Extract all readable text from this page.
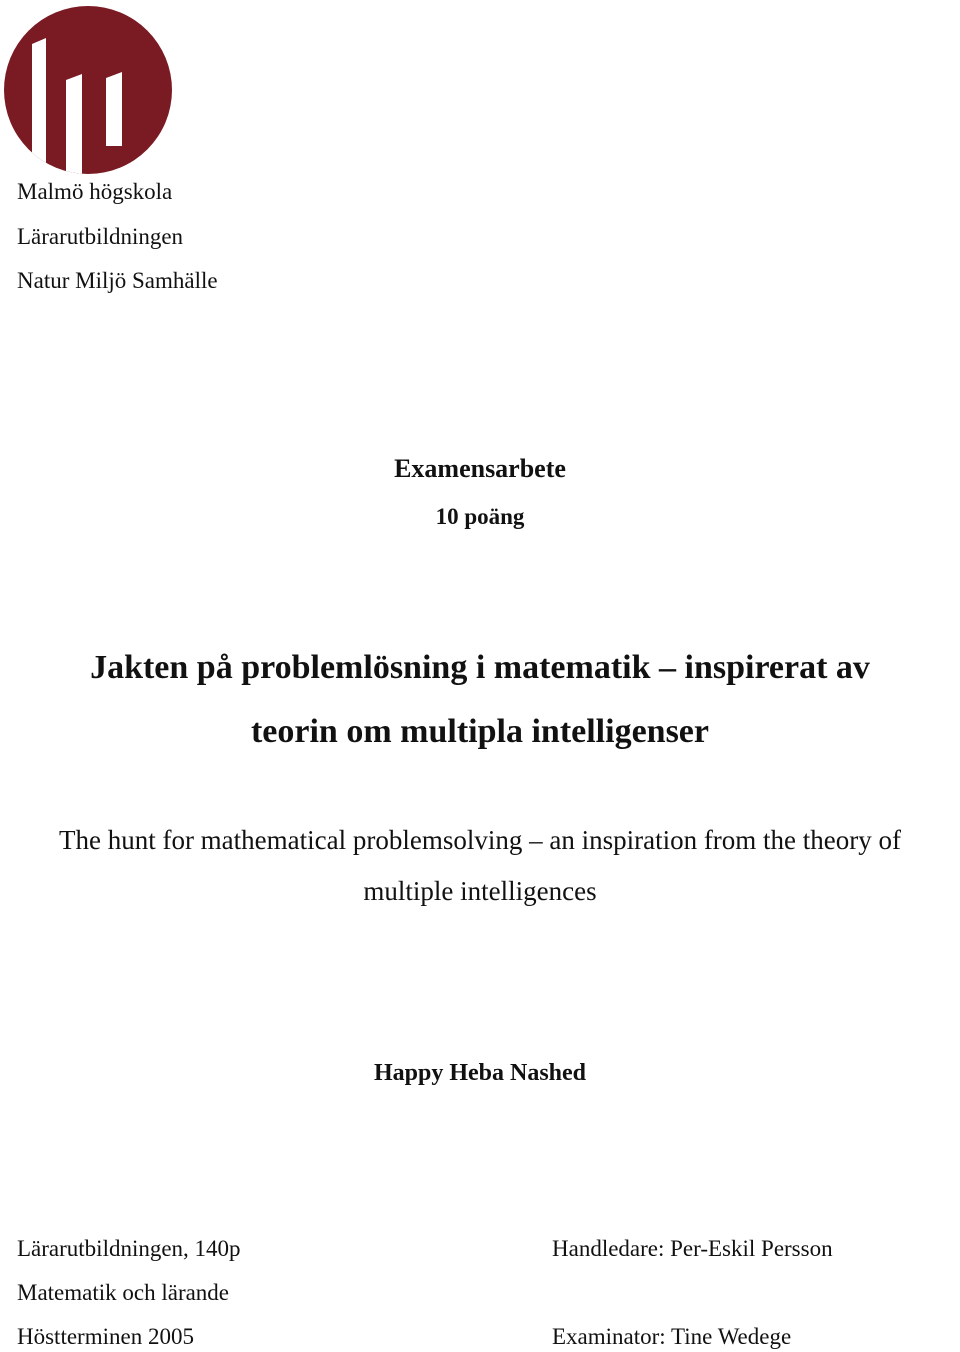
Malmö högskola
Lärarutbildningen
Natur Miljö Samhälle
Examensarbete
10 poäng
Jakten på problemlösning i matematik – inspirerat av
teorin om multipla intelligenser
The hunt for mathematical problemsolving – an inspiration from the theory of
multiple intelligences
Happy Heba Nashed
Lärarutbildningen, 140p
Matematik och lärande
Höstterminen 2005
Handledare: Per-Eskil Persson
Examinator: Tine Wedege
